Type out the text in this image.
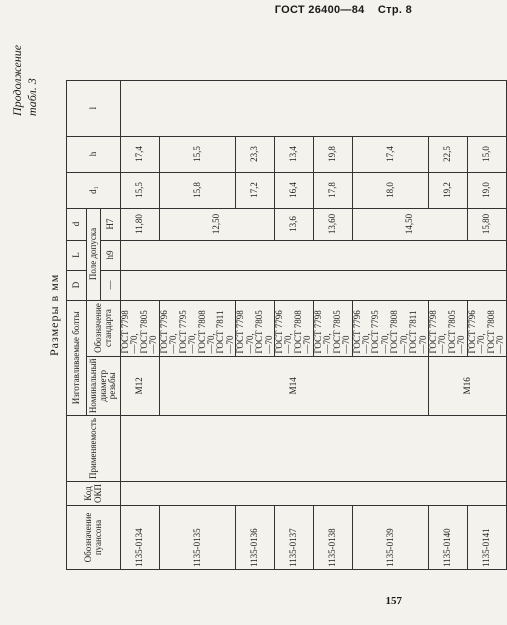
ГОСТ 26400—84 Стр. 8
Продолжение табл. 3
Размеры в мм
Обозначение пуансона	Код ОКП	Применяемость	Изготавливаемые болты		D	L	d	d₁	h	l
			Номинальный диаметр резьбы	Обозначение стандарта	Поле допуска					
					—	h9	H7			
1135-0134			M12	ГОСТ 7798—70, ГОСТ 7805—70			11,80	15,5	17,4	
1135-0135			M14	ГОСТ 7796—70, ГОСТ 7795—70, ГОСТ 7808—70, ГОСТ 7811—70			12,50	15,8	15,5	
1135-0136				ГОСТ 7798—70, ГОСТ 7805—70				17,2	23,3	
1135-0137				ГОСТ 7796—70, ГОСТ 7808—70			13,6	16,4	13,4	
1135-0138				ГОСТ 7798—70, ГОСТ 7805—70			13,60	17,8	19,8	
1135-0139				ГОСТ 7796—70, ГОСТ 7795—70, ГОСТ 7808—70, ГОСТ 7811—70			14,50	18,0	17,4	
1135-0140			M16	ГОСТ 7798—70, ГОСТ 7805—70				19,2	22,5	
1135-0141				ГОСТ 7796—70, ГОСТ 7808—70			15,80	19,0	15,0	
157
